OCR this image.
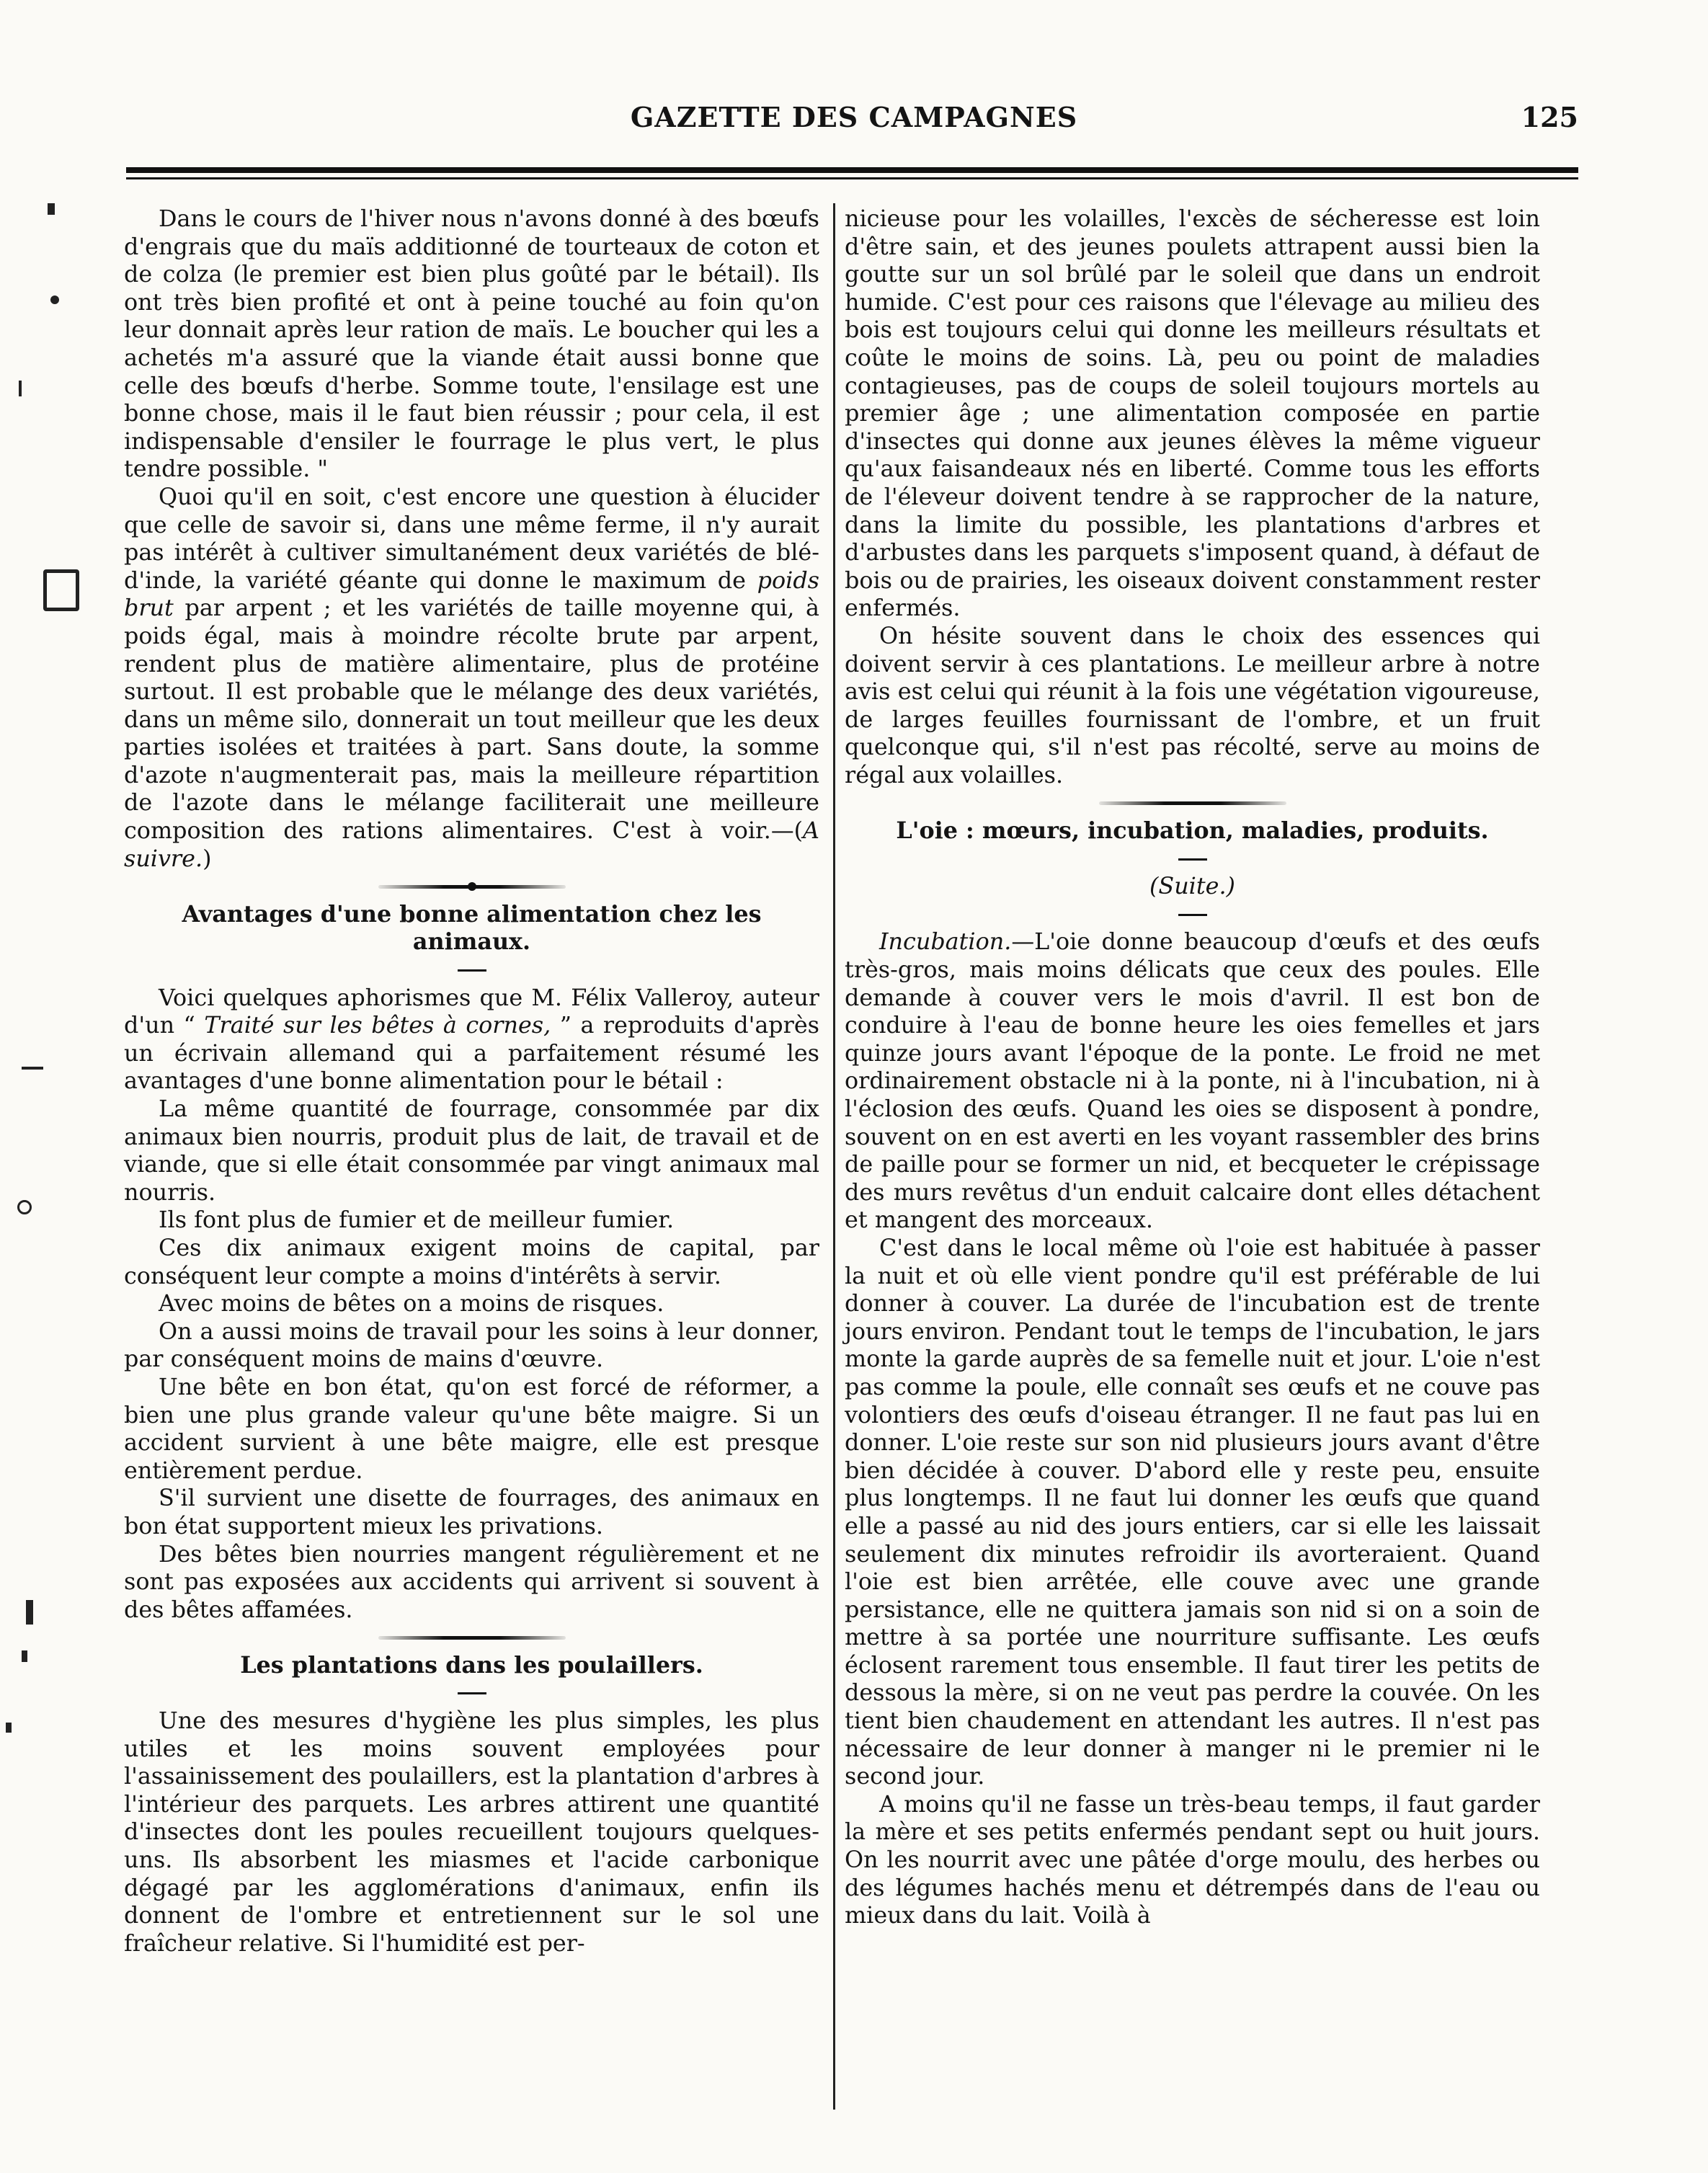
GAZETTE DES CAMPAGNES	125

Dans le cours de l'hiver nous n'avons donné à des bœufs d'engrais que du maïs additionné de tourteaux de coton et de colza (le premier est bien plus goûté par le bétail). Ils ont très bien profité et ont à peine touché au foin qu'on leur donnait après leur ration de maïs. Le boucher qui les a achetés m'a assuré que la viande était aussi bonne que celle des bœufs d'herbe. Somme toute, l'ensilage est une bonne chose, mais il le faut bien réussir ; pour cela, il est indispensable d'ensiler le fourrage le plus vert, le plus tendre possible. "

Quoi qu'il en soit, c'est encore une question à élucider que celle de savoir si, dans une même ferme, il n'y aurait pas intérêt à cultiver simultanément deux variétés de blé-d'inde, la variété géante qui donne le maximum de poids brut par arpent ; et les variétés de taille moyenne qui, à poids égal, mais à moindre récolte brute par arpent, rendent plus de matière alimentaire, plus de protéine surtout. Il est probable que le mélange des deux variétés, dans un même silo, donnerait un tout meilleur que les deux parties isolées et traitées à part. Sans doute, la somme d'azote n'augmenterait pas, mais la meilleure répartition de l'azote dans le mélange faciliterait une meilleure composition des rations alimentaires. C'est à voir.—(A suivre.)

Avantages d'une bonne alimentation chez les animaux.

Voici quelques aphorismes que M. Félix Valleroy, auteur d'un “ Traité sur les bêtes à cornes, ” a reproduits d'après un écrivain allemand qui a parfaitement résumé les avantages d'une bonne alimentation pour le bétail :

La même quantité de fourrage, consommée par dix animaux bien nourris, produit plus de lait, de travail et de viande, que si elle était consommée par vingt animaux mal nourris.

Ils font plus de fumier et de meilleur fumier.

Ces dix animaux exigent moins de capital, par conséquent leur compte a moins d'intérêts à servir.

Avec moins de bêtes on a moins de risques.

On a aussi moins de travail pour les soins à leur donner, par conséquent moins de mains d'œuvre.

Une bête en bon état, qu'on est forcé de réformer, a bien une plus grande valeur qu'une bête maigre. Si un accident survient à une bête maigre, elle est presque entièrement perdue.

S'il survient une disette de fourrages, des animaux en bon état supportent mieux les privations.

Des bêtes bien nourries mangent régulièrement et ne sont pas exposées aux accidents qui arrivent si souvent à des bêtes affamées.

Les plantations dans les poulaillers.

Une des mesures d'hygiène les plus simples, les plus utiles et les moins souvent employées pour l'assainissement des poulaillers, est la plantation d'arbres à l'intérieur des parquets. Les arbres attirent une quantité d'insectes dont les poules recueillent toujours quelques-uns. Ils absorbent les miasmes et l'acide carbonique dégagé par les agglomérations d'animaux, enfin ils donnent de l'ombre et entretiennent sur le sol une fraîcheur relative. Si l'humidité est per-

nicieuse pour les volailles, l'excès de sécheresse est loin d'être sain, et des jeunes poulets attrapent aussi bien la goutte sur un sol brûlé par le soleil que dans un endroit humide. C'est pour ces raisons que l'élevage au milieu des bois est toujours celui qui donne les meilleurs résultats et coûte le moins de soins. Là, peu ou point de maladies contagieuses, pas de coups de soleil toujours mortels au premier âge ; une alimentation composée en partie d'insectes qui donne aux jeunes élèves la même vigueur qu'aux faisandeaux nés en liberté. Comme tous les efforts de l'éleveur doivent tendre à se rapprocher de la nature, dans la limite du possible, les plantations d'arbres et d'arbustes dans les parquets s'imposent quand, à défaut de bois ou de prairies, les oiseaux doivent constamment rester enfermés.

On hésite souvent dans le choix des essences qui doivent servir à ces plantations. Le meilleur arbre à notre avis est celui qui réunit à la fois une végétation vigoureuse, de larges feuilles fournissant de l'ombre, et un fruit quelconque qui, s'il n'est pas récolté, serve au moins de régal aux volailles.

L'oie : mœurs, incubation, maladies, produits.

(Suite.)

Incubation.—L'oie donne beaucoup d'œufs et des œufs très-gros, mais moins délicats que ceux des poules. Elle demande à couver vers le mois d'avril. Il est bon de conduire à l'eau de bonne heure les oies femelles et jars quinze jours avant l'époque de la ponte. Le froid ne met ordinairement obstacle ni à la ponte, ni à l'incubation, ni à l'éclosion des œufs. Quand les oies se disposent à pondre, souvent on en est averti en les voyant rassembler des brins de paille pour se former un nid, et becqueter le crépissage des murs revêtus d'un enduit calcaire dont elles détachent et mangent des morceaux.

C'est dans le local même où l'oie est habituée à passer la nuit et où elle vient pondre qu'il est préférable de lui donner à couver. La durée de l'incubation est de trente jours environ. Pendant tout le temps de l'incubation, le jars monte la garde auprès de sa femelle nuit et jour. L'oie n'est pas comme la poule, elle connaît ses œufs et ne couve pas volontiers des œufs d'oiseau étranger. Il ne faut pas lui en donner. L'oie reste sur son nid plusieurs jours avant d'être bien décidée à couver. D'abord elle y reste peu, ensuite plus longtemps. Il ne faut lui donner les œufs que quand elle a passé au nid des jours entiers, car si elle les laissait seulement dix minutes refroidir ils avorteraient. Quand l'oie est bien arrêtée, elle couve avec une grande persistance, elle ne quittera jamais son nid si on a soin de mettre à sa portée une nourriture suffisante. Les œufs éclosent rarement tous ensemble. Il faut tirer les petits de dessous la mère, si on ne veut pas perdre la couvée. On les tient bien chaudement en attendant les autres. Il n'est pas nécessaire de leur donner à manger ni le premier ni le second jour.

A moins qu'il ne fasse un très-beau temps, il faut garder la mère et ses petits enfermés pendant sept ou huit jours. On les nourrit avec une pâtée d'orge moulu, des herbes ou des légumes hachés menu et détrempés dans de l'eau ou mieux dans du lait. Voilà à
